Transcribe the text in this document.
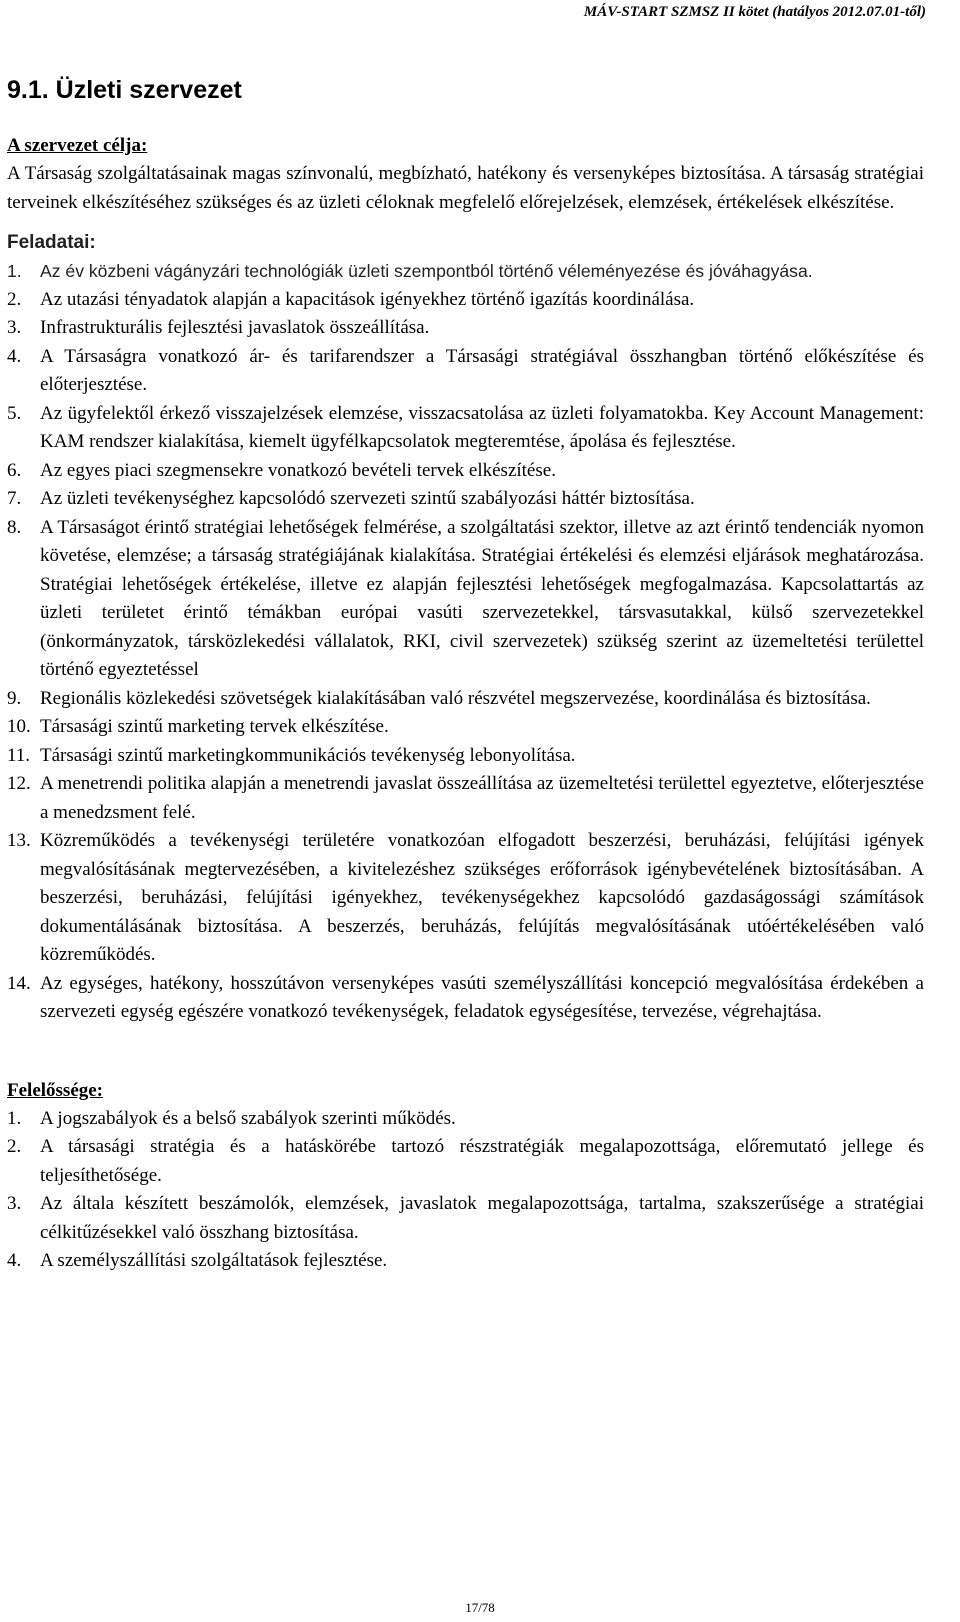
MÁV-START SZMSZ II kötet (hatályos 2012.07.01-től)
9.1. Üzleti szervezet
A szervezet célja:

A Társaság szolgáltatásainak magas színvonalú, megbízható, hatékony és versenyképes biztosítása. A társaság stratégiai terveinek elkészítéséhez szükséges és az üzleti céloknak megfelelő előrejelzések, elemzések, értékelések elkészítése.

Feladatai:
1.	Az év közbeni vágányzári technológiák üzleti szempontból történő véleményezése és jóváhagyása.
2. Az utazási tényadatok alapján a kapacitások igényekhez történő igazítás koordinálása.
3. Infrastrukturális fejlesztési javaslatok összeállítása.
4. A Társaságra vonatkozó ár- és tarifarendszer a Társasági stratégiával összhangban történő előkészítése és előterjesztése.
5. Az ügyfelektől érkező visszajelzések elemzése, visszacsatolása az üzleti folyamatokba. Key Account Management: KAM rendszer kialakítása, kiemelt ügyfélkapcsolatok megteremtése, ápolása és fejlesztése.
6. Az egyes piaci szegmensekre vonatkozó bevételi tervek elkészítése.
7. Az üzleti tevékenységhez kapcsolódó szervezeti szintű szabályozási háttér biztosítása.
8. A Társaságot érintő stratégiai lehetőségek felmérése, a szolgáltatási szektor, illetve az azt érintő tendenciák nyomon követése, elemzése; a társaság stratégiájának kialakítása. Stratégiai értékelési és elemzési eljárások meghatározása. Stratégiai lehetőségek értékelése, illetve ez alapján fejlesztési lehetőségek megfogalmazása. Kapcsolattartás az üzleti területet érintő témákban európai vasúti szervezetekkel, társvasutakkal, külső szervezetekkel (önkormányzatok, társközlekedési vállalatok, RKI, civil szervezetek) szükség szerint az üzemeltetési területtel történő egyeztetéssel
9. Regionális közlekedési szövetségek kialakításában való részvétel megszervezése, koordinálása és biztosítása.
10. Társasági szintű marketing tervek elkészítése.
11. Társasági szintű marketingkommunikációs tevékenység lebonyolítása.
12. A menetrendi politika alapján a menetrendi javaslat összeállítása az üzemeltetési területtel egyeztetve, előterjesztése a menedzsment felé.
13. Közreműködés a tevékenységi területére vonatkozóan elfogadott beszerzési, beruházási, felújítási igények megvalósításának megtervezésében, a kivitelezéshez szükséges erőforrások igénybevételének biztosításában. A beszerzési, beruházási, felújítási igényekhez, tevékenységekhez kapcsolódó gazdaságossági számítások dokumentálásának biztosítása. A beszerzés, beruházás, felújítás megvalósításának utóértékelésében való közreműködés.
14. Az egységes, hatékony, hosszútávon versenyképes vasúti személyszállítási koncepció megvalósítása érdekében a szervezeti egység egészére vonatkozó tevékenységek, feladatok egységesítése, tervezése, végrehajtása.
Felelőssége:
1. A jogszabályok és a belső szabályok szerinti működés.
2. A társasági stratégia és a hatáskörébe tartozó részstratégiák megalapozottsága, előremutató jellege és teljesíthetősége.
3. Az általa készített beszámolók, elemzések, javaslatok megalapozottsága, tartalma, szakszerűsége a stratégiai célkitűzésekkel való összhang biztosítása.
4. A személyszállítási szolgáltatások fejlesztése.
17/78
